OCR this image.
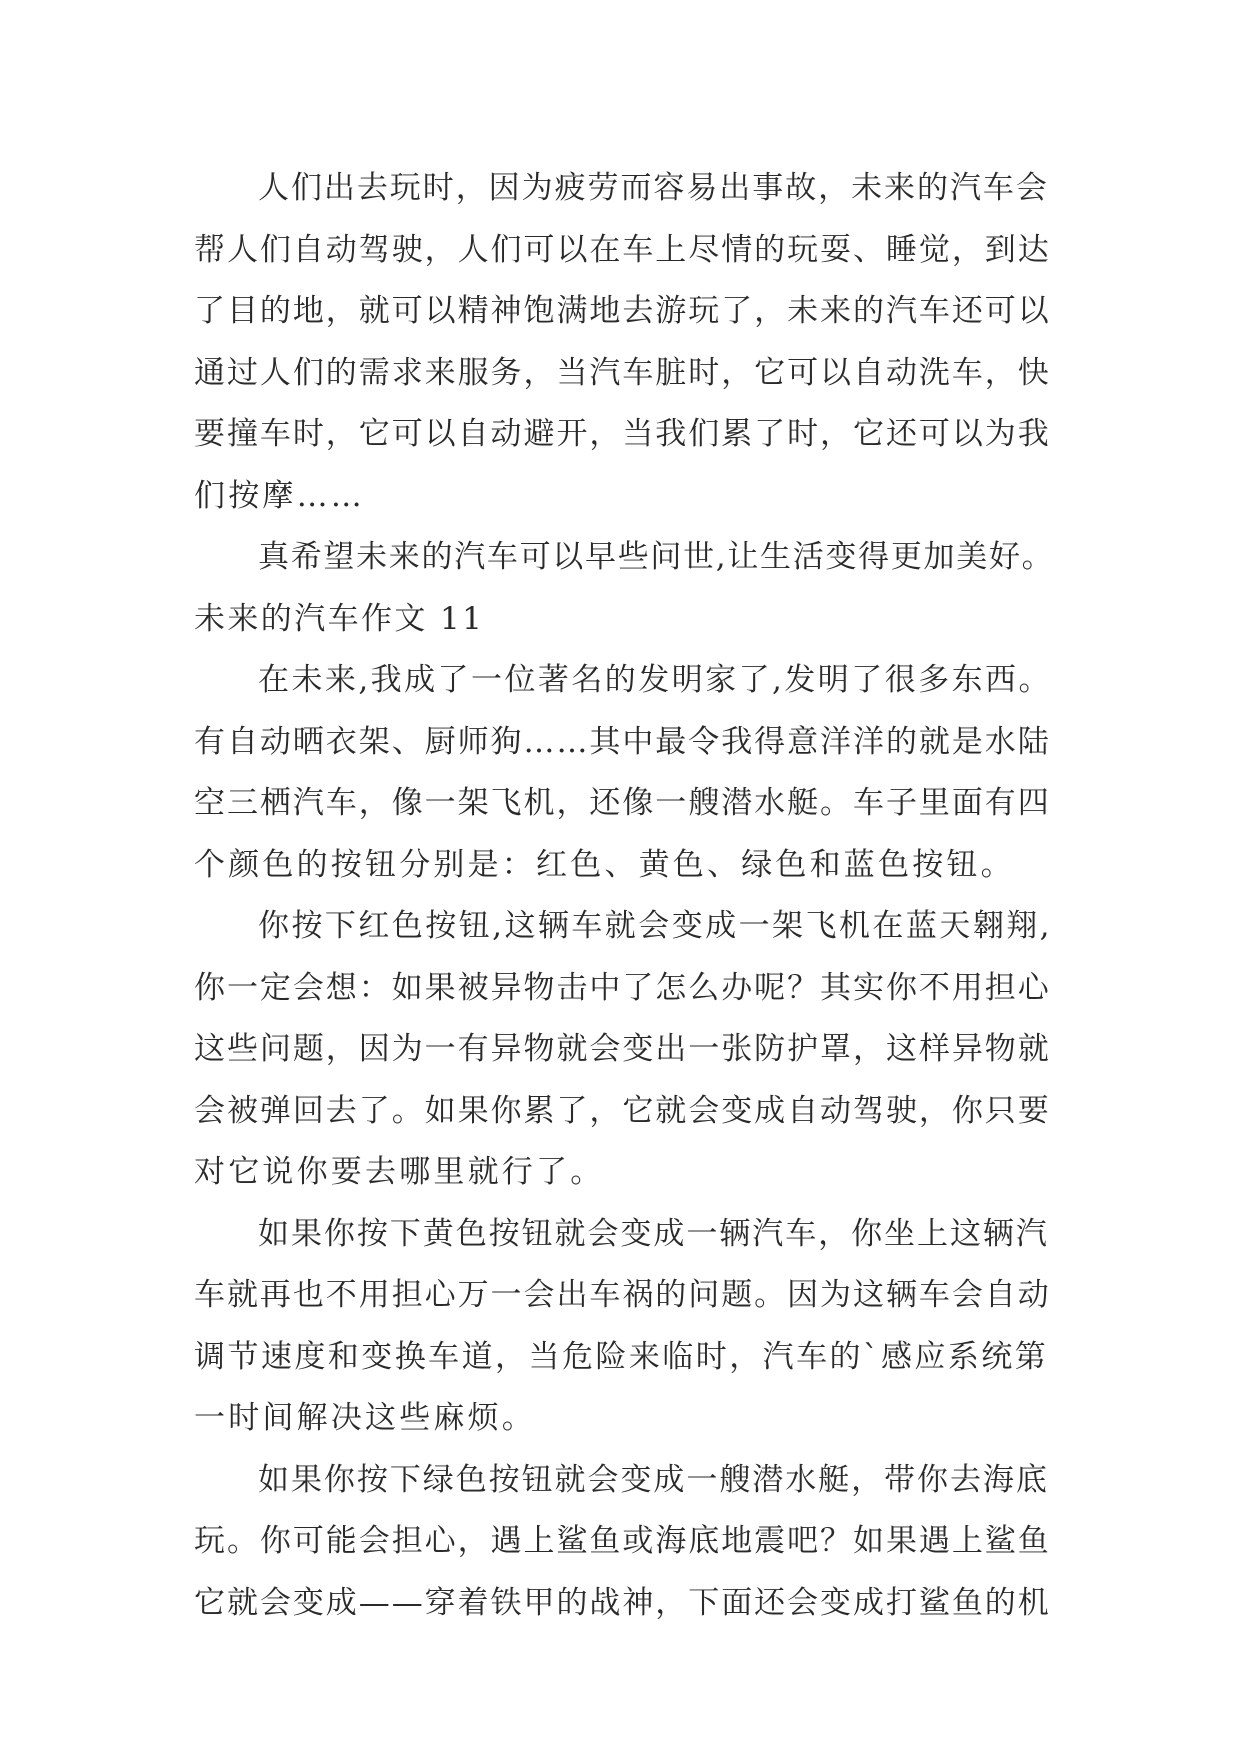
人们出去玩时，因为疲劳而容易出事故，未来的汽车会

帮人们自动驾驶，人们可以在车上尽情的玩耍、睡觉，到达

了目的地，就可以精神饱满地去游玩了，未来的汽车还可以

通过人们的需求来服务，当汽车脏时，它可以自动洗车，快

要撞车时，它可以自动避开，当我们累了时，它还可以为我

们按摩……

真希望未来的汽车可以早些问世,让生活变得更加美好。

未来的汽车作文 11

在未来,我成了一位著名的发明家了,发明了很多东西。

有自动晒衣架、厨师狗……其中最令我得意洋洋的就是水陆

空三栖汽车，像一架飞机，还像一艘潜水艇。车子里面有四

个颜色的按钮分别是：红色、黄色、绿色和蓝色按钮。

你按下红色按钮,这辆车就会变成一架飞机在蓝天翱翔,

你一定会想：如果被异物击中了怎么办呢？其实你不用担心

这些问题，因为一有异物就会变出一张防护罩，这样异物就

会被弹回去了。如果你累了，它就会变成自动驾驶，你只要

对它说你要去哪里就行了。

如果你按下黄色按钮就会变成一辆汽车，你坐上这辆汽

车就再也不用担心万一会出车祸的问题。因为这辆车会自动

调节速度和变换车道，当危险来临时，汽车的`感应系统第

一时间解决这些麻烦。

如果你按下绿色按钮就会变成一艘潜水艇，带你去海底

玩。你可能会担心，遇上鲨鱼或海底地震吧？如果遇上鲨鱼

它就会变成——穿着铁甲的战神，下面还会变成打鲨鱼的机
